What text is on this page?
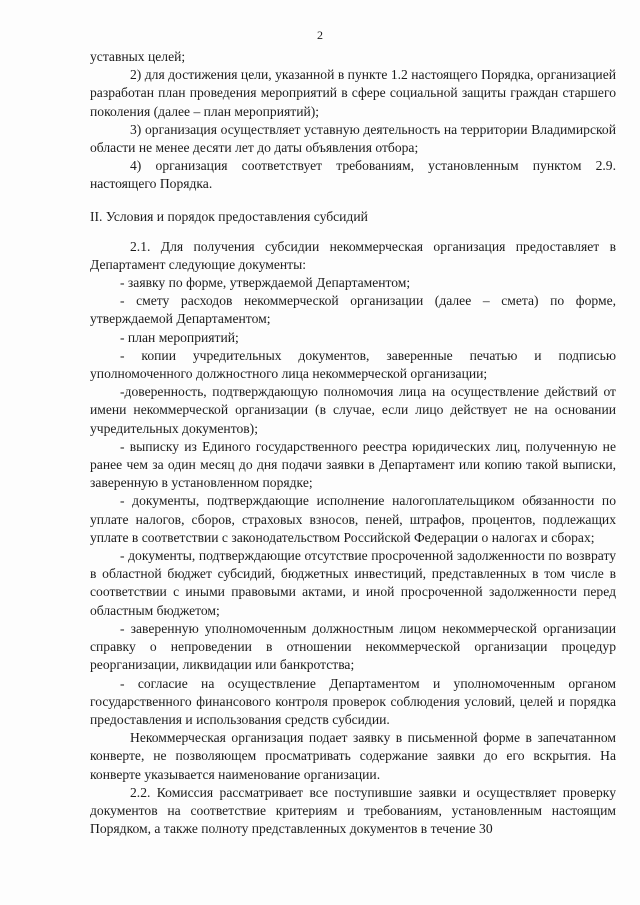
2

уставных целей;

2) для достижения цели, указанной в пункте 1.2 настоящего Порядка, организацией разработан план проведения мероприятий в сфере социальной защиты граждан старшего поколения (далее – план мероприятий);

3) организация осуществляет уставную деятельность на территории Владимирской области не менее десяти лет до даты объявления отбора;

4) организация соответствует требованиям, установленным пунктом 2.9. настоящего Порядка.

II. Условия и порядок предоставления субсидий

2.1. Для получения субсидии некоммерческая организация предоставляет в Департамент следующие документы:

- заявку по форме, утверждаемой Департаментом;

- смету расходов некоммерческой организации (далее – смета) по форме, утверждаемой Департаментом;

- план мероприятий;

- копии учредительных документов, заверенные печатью и подписью уполномоченного должностного лица некоммерческой организации;

-доверенность, подтверждающую полномочия лица на осуществление действий от имени некоммерческой организации (в случае, если лицо действует не на основании учредительных документов);

- выписку из Единого государственного реестра юридических лиц, полученную не ранее чем за один месяц до дня подачи заявки в Департамент или копию такой выписки, заверенную в установленном порядке;

- документы, подтверждающие исполнение налогоплательщиком обязанности по уплате налогов, сборов, страховых взносов, пеней, штрафов, процентов, подлежащих уплате в соответствии с законодательством Российской Федерации о налогах и сборах;

- документы, подтверждающие отсутствие просроченной задолженности по возврату в областной бюджет субсидий, бюджетных инвестиций, представленных в том числе в соответствии с иными правовыми актами, и иной просроченной задолженности перед областным бюджетом;

- заверенную уполномоченным должностным лицом некоммерческой организации справку о непроведении в отношении некоммерческой организации процедур реорганизации, ликвидации или банкротства;

- согласие на осуществление Департаментом и уполномоченным органом государственного финансового контроля проверок соблюдения условий, целей и порядка предоставления и использования средств субсидии.

Некоммерческая организация подает заявку в письменной форме в запечатанном конверте, не позволяющем просматривать содержание заявки до его вскрытия. На конверте указывается наименование организации.

2.2. Комиссия рассматривает все поступившие заявки и осуществляет проверку документов на соответствие критериям и требованиям, установленным настоящим Порядком, а также полноту представленных документов в течение 30
